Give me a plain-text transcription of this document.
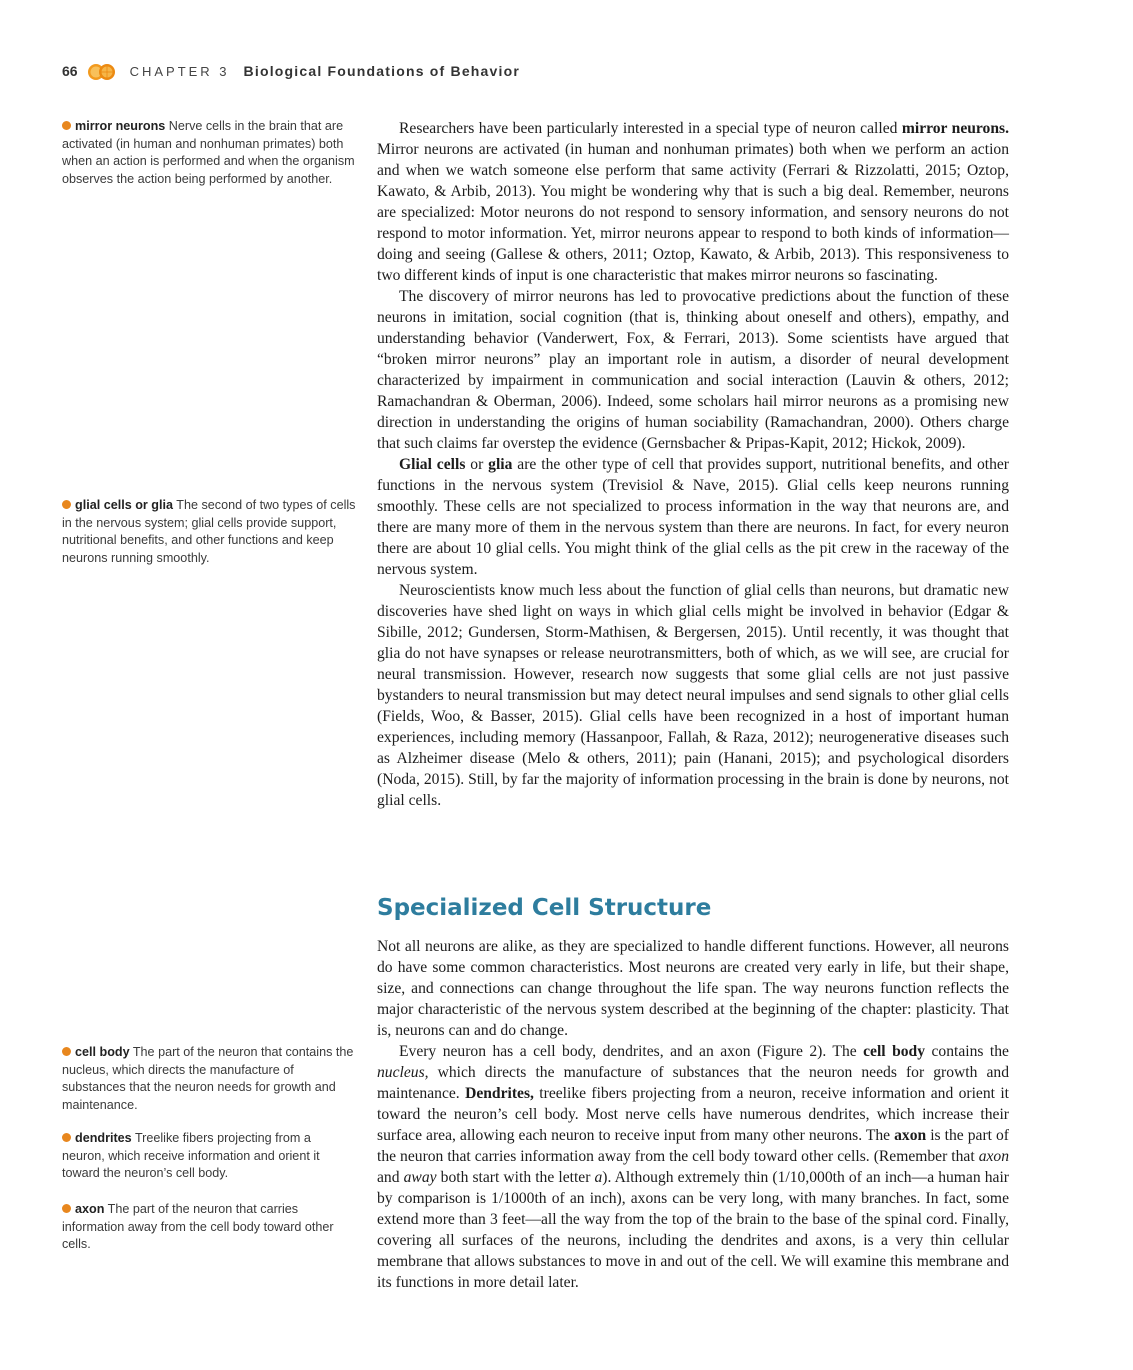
66	CHAPTER 3 Biological Foundations of Behavior
mirror neurons Nerve cells in the brain that are activated (in human and nonhuman primates) both when an action is performed and when the organism observes the action being performed by another.
glial cells or glia The second of two types of cells in the nervous system; glial cells provide support, nutritional benefits, and other functions and keep neurons running smoothly.
cell body The part of the neuron that contains the nucleus, which directs the manufacture of substances that the neuron needs for growth and maintenance.
dendrites Treelike fibers projecting from a neuron, which receive information and orient it toward the neuron’s cell body.
axon The part of the neuron that carries information away from the cell body toward other cells.

Researchers have been particularly interested in a special type of neuron called mirror neurons. Mirror neurons are activated (in human and nonhuman primates) both when we perform an action and when we watch someone else perform that same activity (Ferrari & Rizzolatti, 2015; Oztop, Kawato, & Arbib, 2013). You might be wondering why that is such a big deal. Remember, neurons are specialized: Motor neurons do not respond to sensory information, and sensory neurons do not respond to motor information. Yet, mirror neurons appear to respond to both kinds of information—doing and seeing (Gallese & others, 2011; Oztop, Kawato, & Arbib, 2013). This responsiveness to two different kinds of input is one characteristic that makes mirror neurons so fascinating.

The discovery of mirror neurons has led to provocative predictions about the function of these neurons in imitation, social cognition (that is, thinking about oneself and others), empathy, and understanding behavior (Vanderwert, Fox, & Ferrari, 2013). Some scientists have argued that “broken mirror neurons” play an important role in autism, a disorder of neural development characterized by impairment in communication and social interaction (Lauvin & others, 2012; Ramachandran & Oberman, 2006). Indeed, some scholars hail mirror neurons as a promising new direction in understanding the origins of human sociability (Ramachandran, 2000). Others charge that such claims far overstep the evidence (Gernsbacher & Pripas-Kapit, 2012; Hickok, 2009).

Glial cells or glia are the other type of cell that provides support, nutritional benefits, and other functions in the nervous system (Trevisiol & Nave, 2015). Glial cells keep neurons running smoothly. These cells are not specialized to process information in the way that neurons are, and there are many more of them in the nervous system than there are neurons. In fact, for every neuron there are about 10 glial cells. You might think of the glial cells as the pit crew in the raceway of the nervous system.

Neuroscientists know much less about the function of glial cells than neurons, but dramatic new discoveries have shed light on ways in which glial cells might be involved in behavior (Edgar & Sibille, 2012; Gundersen, Storm-Mathisen, & Bergersen, 2015). Until recently, it was thought that glia do not have synapses or release neurotransmitters, both of which, as we will see, are crucial for neural transmission. However, research now suggests that some glial cells are not just passive bystanders to neural transmission but may detect neural impulses and send signals to other glial cells (Fields, Woo, & Basser, 2015). Glial cells have been recognized in a host of important human experiences, including memory (Hassanpoor, Fallah, & Raza, 2012); neurogenerative diseases such as Alzheimer disease (Melo & others, 2011); pain (Hanani, 2015); and psychological disorders (Noda, 2015). Still, by far the majority of information processing in the brain is done by neurons, not glial cells.

Specialized Cell Structure

Not all neurons are alike, as they are specialized to handle different functions. However, all neurons do have some common characteristics. Most neurons are created very early in life, but their shape, size, and connections can change throughout the life span. The way neurons function reflects the major characteristic of the nervous system described at the beginning of the chapter: plasticity. That is, neurons can and do change.

Every neuron has a cell body, dendrites, and an axon (Figure 2). The cell body contains the nucleus, which directs the manufacture of substances that the neuron needs for growth and maintenance. Dendrites, treelike fibers projecting from a neuron, receive information and orient it toward the neuron’s cell body. Most nerve cells have numerous dendrites, which increase their surface area, allowing each neuron to receive input from many other neurons. The axon is the part of the neuron that carries information away from the cell body toward other cells. (Remember that axon and away both start with the letter a). Although extremely thin (1/10,000th of an inch—a human hair by comparison is 1/1000th of an inch), axons can be very long, with many branches. In fact, some extend more than 3 feet—all the way from the top of the brain to the base of the spinal cord. Finally, covering all surfaces of the neurons, including the dendrites and axons, is a very thin cellular membrane that allows substances to move in and out of the cell. We will examine this membrane and its functions in more detail later.
